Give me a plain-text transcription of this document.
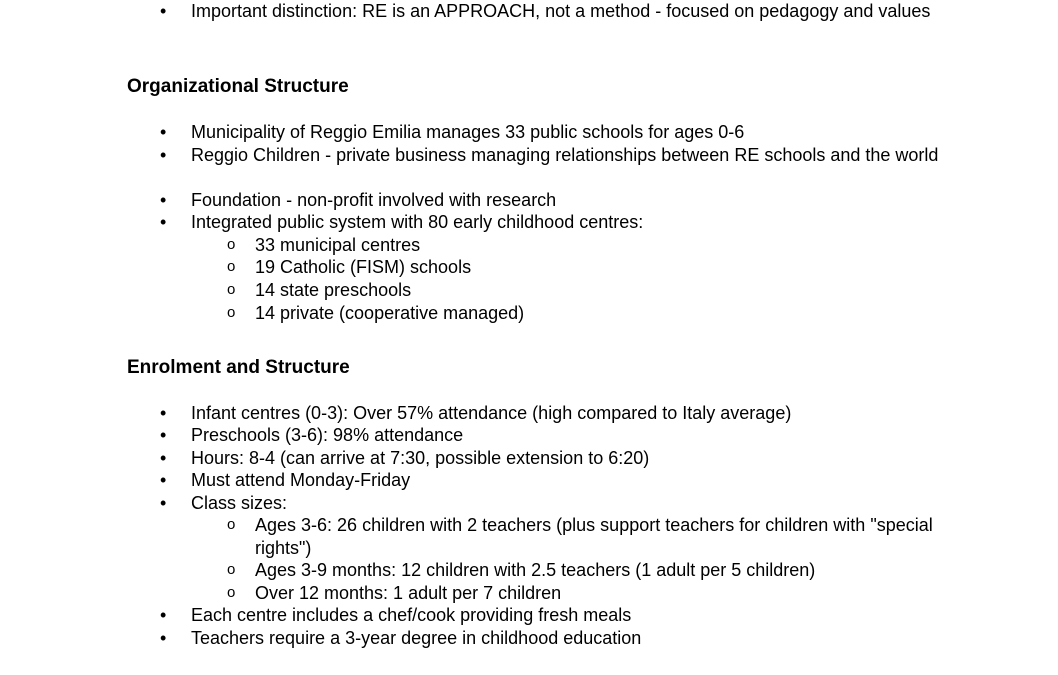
• Important distinction: RE is an APPROACH, not a method - focused on pedagogy and values
Organizational Structure
• Municipality of Reggio Emilia manages 33 public schools for ages 0-6
• Reggio Children - private business managing relationships between RE schools and the world
• Foundation - non-profit involved with research
• Integrated public system with 80 early childhood centres:
o 33 municipal centres
o 19 Catholic (FISM) schools
o 14 state preschools
o 14 private (cooperative managed)
Enrolment and Structure
• Infant centres (0-3): Over 57% attendance (high compared to Italy average)
• Preschools (3-6): 98% attendance
• Hours: 8-4 (can arrive at 7:30, possible extension to 6:20)
• Must attend Monday-Friday
• Class sizes:
o Ages 3-6: 26 children with 2 teachers (plus support teachers for children with "special rights")
o Ages 3-9 months: 12 children with 2.5 teachers (1 adult per 5 children)
o Over 12 months: 1 adult per 7 children
• Each centre includes a chef/cook providing fresh meals
• Teachers require a 3-year degree in childhood education
